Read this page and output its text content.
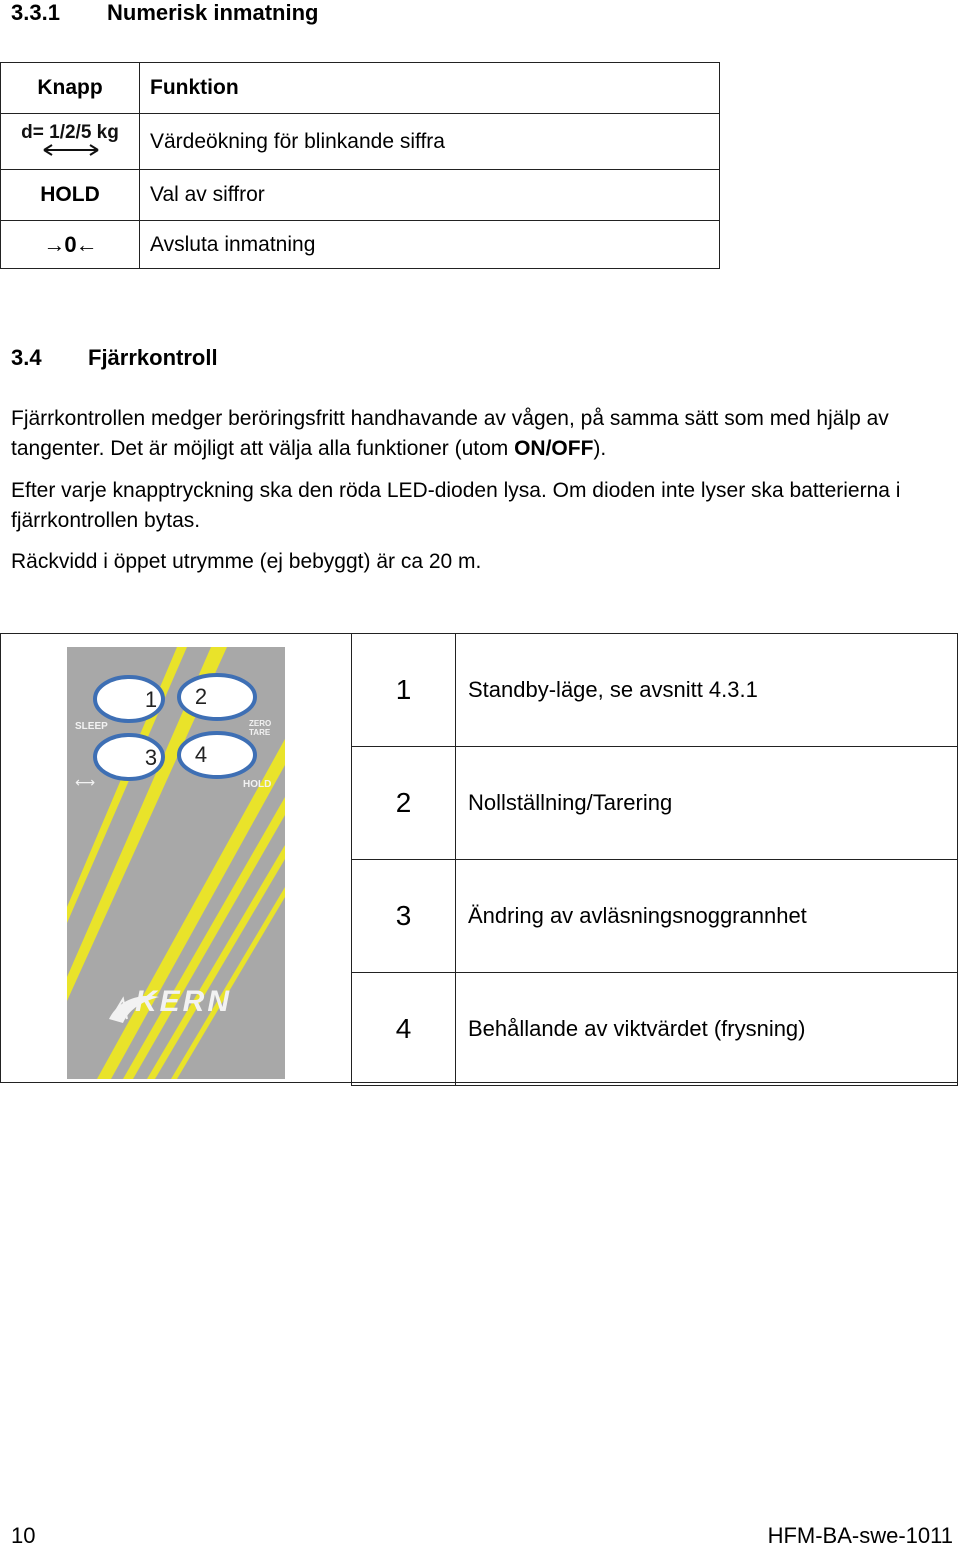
3.3.1 Numerisk inmatning
Knapp	Funktion

d= 1/2/5 kg	Värdeökning för blinkande siffra
HOLD	Val av siffror
→0←	Avsluta inmatning
3.4 Fjärrkontroll
Fjärrkontrollen medger beröringsfritt handhavande av vågen, på samma sätt som med hjälp av tangenter. Det är möjligt att välja alla funktioner (utom ON/OFF).
Efter varje knapptryckning ska den röda LED-dioden lysa. Om dioden inte lyser ska batterierna i fjärrkontrollen bytas.
Räckvidd i öppet utrymme (ej bebyggt) är ca 20 m.
1 2
3 4
SLEEP	ZERO
TARE
⟷	HOLD
KERN
1	Standby-läge, se avsnitt 4.3.1
2	Nollställning/Tarering
3	Ändring av avläsningsnoggrannhet
4	Behållande av viktvärdet (frysning)
10	HFM-BA-swe-1011
